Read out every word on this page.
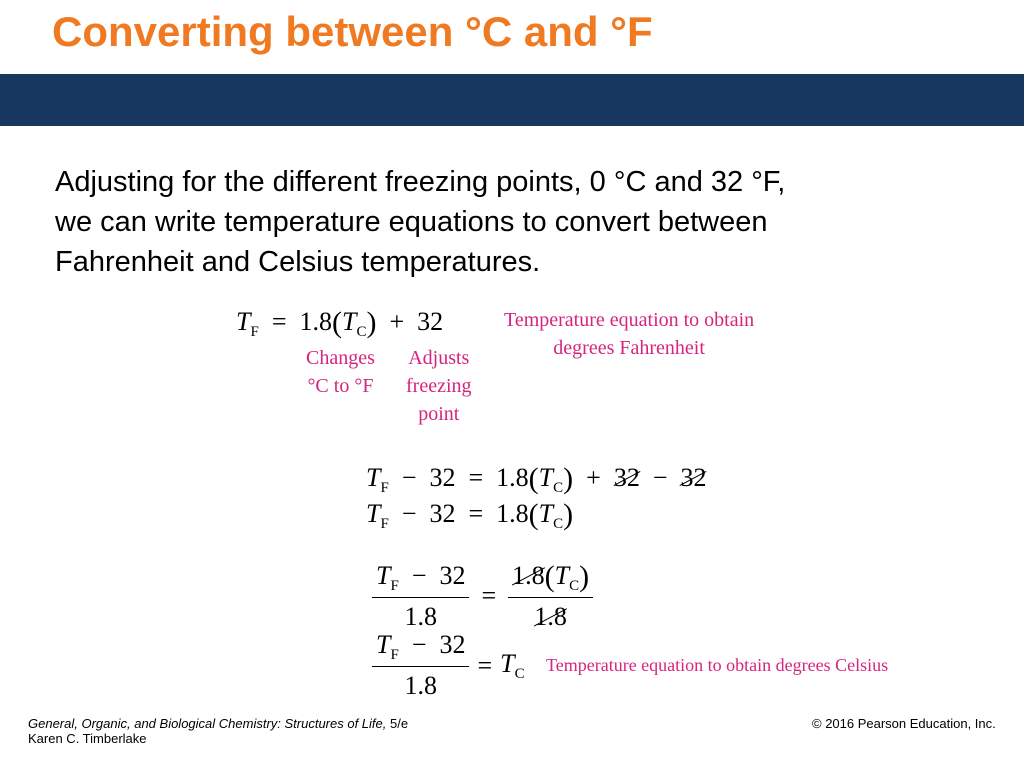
Converting between °C and °F
Adjusting for the different freezing points, 0 °C and 32 °F,
we can write temperature equations to convert between
Fahrenheit and Celsius temperatures.
$T_F = 1.8(T_C) + 32$	Temperature equation to obtain
degrees Fahrenheit
Changes
°C to °F
Adjusts
freezing
point
$T_F - 32 = 1.8(T_C) + 32 - 32$
$T_F - 32 = 1.8(T_C)$
$\frac{T_F - 32}{1.8} = \frac{1.8(T_C)}{1.8}$
$\frac{T_F - 32}{1.8} = T_C$ Temperature equation to obtain degrees Celsius
General, Organic, and Biological Chemistry: Structures of Life, 5/e
Karen C. Timberlake
© 2016 Pearson Education, Inc.
